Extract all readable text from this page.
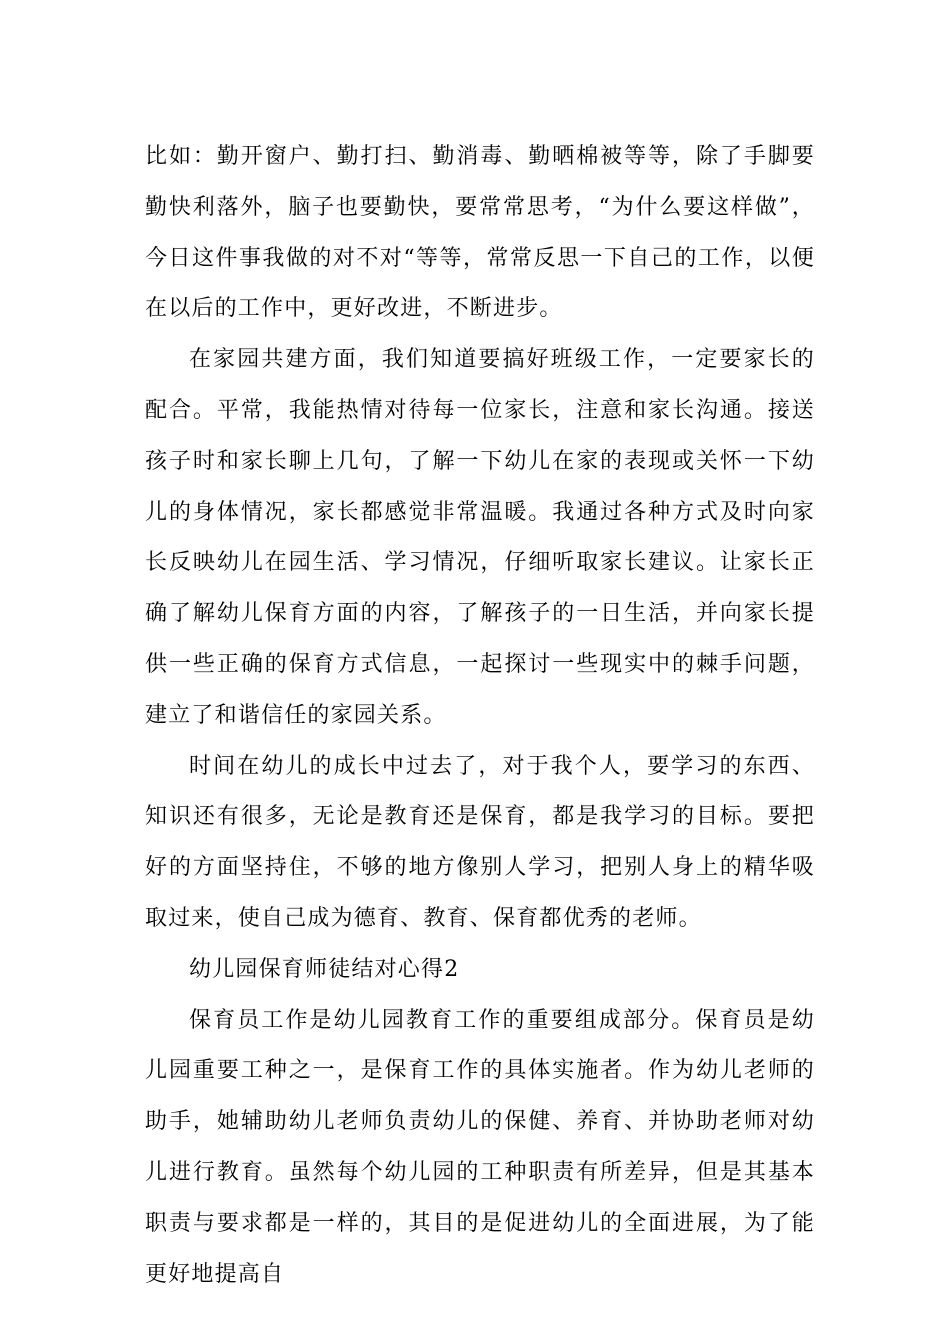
比如：勤开窗户、勤打扫、勤消毒、勤晒棉被等等，除了手脚要勤快利落外，脑子也要勤快，要常常思考，“为什么要这样做”，今日这件事我做的对不对“等等，常常反思一下自己的工作，以便在以后的工作中，更好改进，不断进步。

在家园共建方面，我们知道要搞好班级工作，一定要家长的配合。平常，我能热情对待每一位家长，注意和家长沟通。接送孩子时和家长聊上几句，了解一下幼儿在家的表现或关怀一下幼儿的身体情况，家长都感觉非常温暖。我通过各种方式及时向家长反映幼儿在园生活、学习情况，仔细听取家长建议。让家长正确了解幼儿保育方面的内容，了解孩子的一日生活，并向家长提供一些正确的保育方式信息，一起探讨一些现实中的棘手问题，建立了和谐信任的家园关系。

时间在幼儿的成长中过去了，对于我个人，要学习的东西、知识还有很多，无论是教育还是保育，都是我学习的目标。要把好的方面坚持住，不够的地方像别人学习，把别人身上的精华吸取过来，使自己成为德育、教育、保育都优秀的老师。

幼儿园保育师徒结对心得2

保育员工作是幼儿园教育工作的重要组成部分。保育员是幼儿园重要工种之一，是保育工作的具体实施者。作为幼儿老师的助手，她辅助幼儿老师负责幼儿的保健、养育、并协助老师对幼儿进行教育。虽然每个幼儿园的工种职责有所差异，但是其基本职责与要求都是一样的，其目的是促进幼儿的全面进展，为了能更好地提高自
